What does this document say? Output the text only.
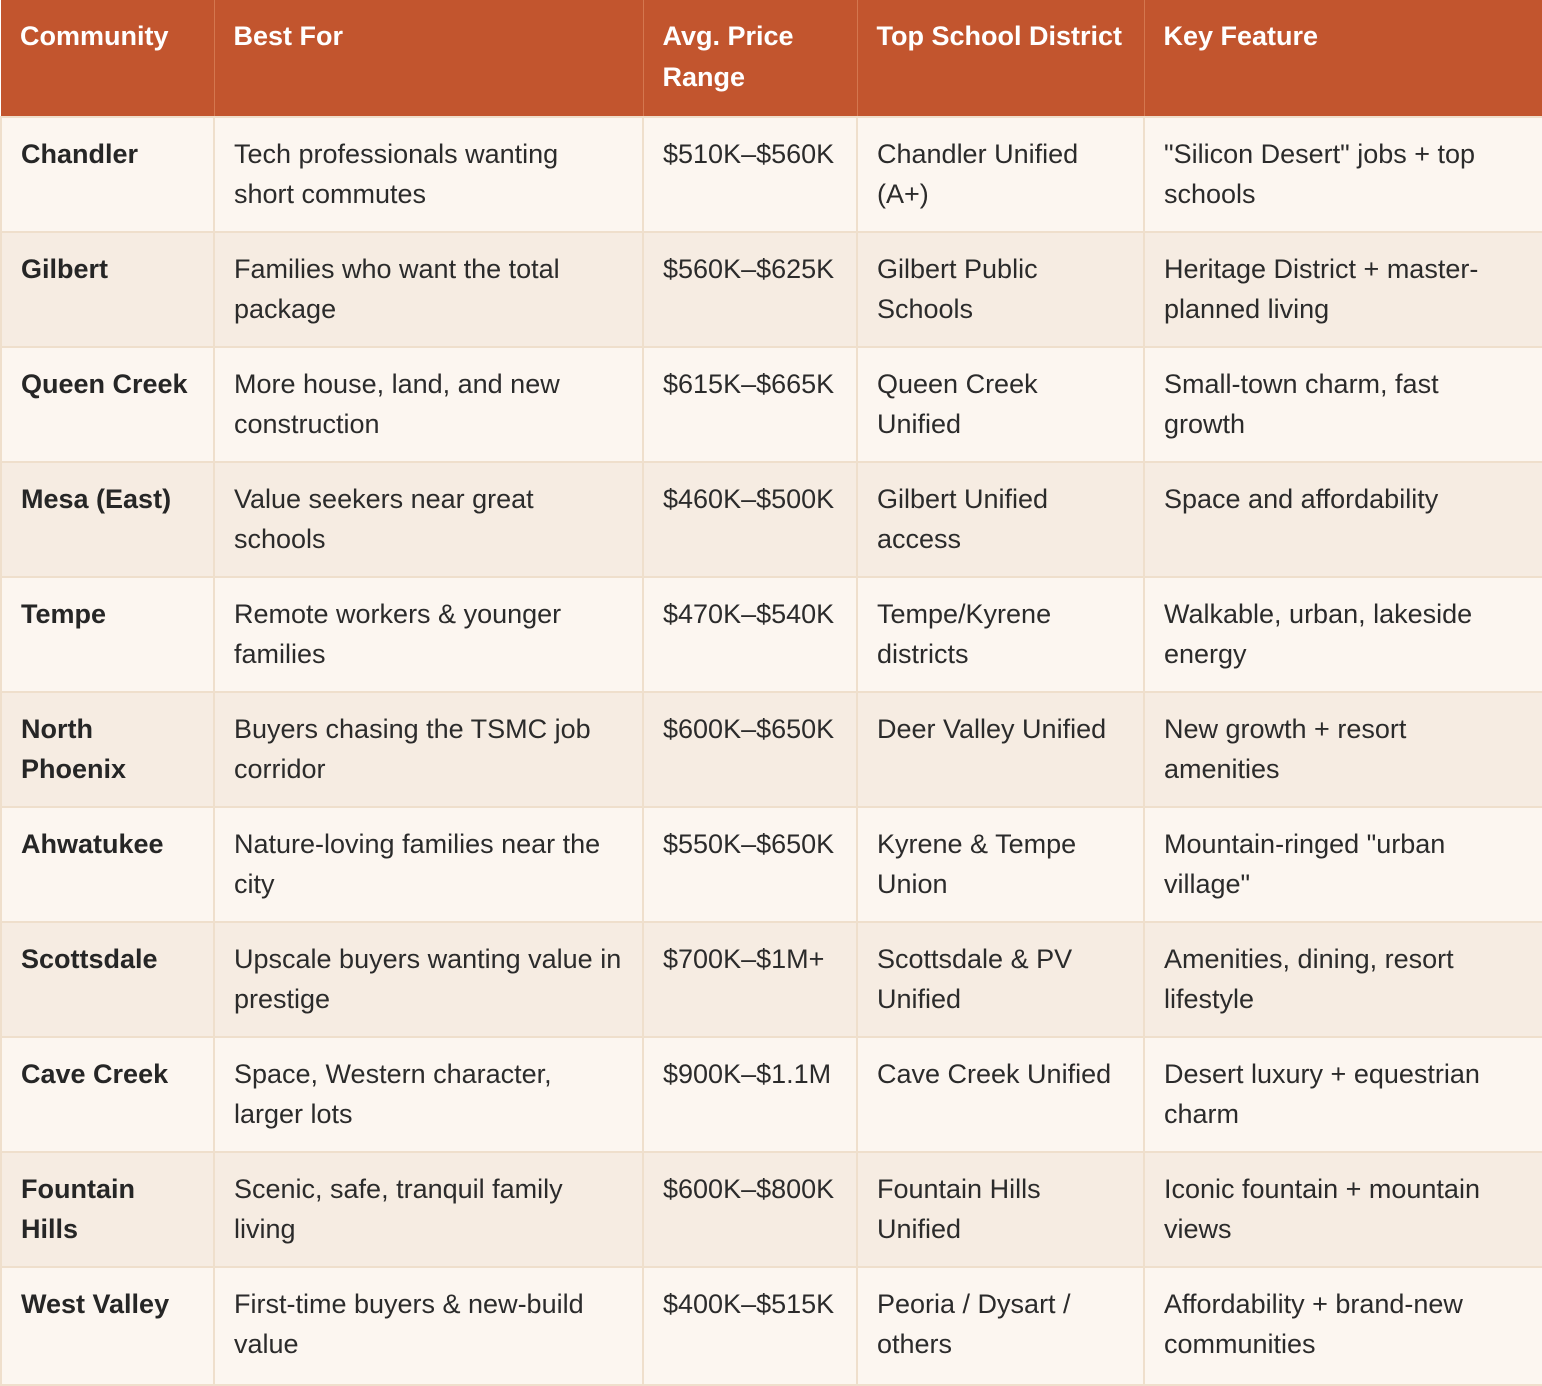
Community	Best For	Avg. Price Range	Top School District	Key Feature
Chandler	Tech professionals wanting short commutes	$510K–$560K	Chandler Unified (A+)	"Silicon Desert" jobs + top schools
Gilbert	Families who want the total package	$560K–$625K	Gilbert Public Schools	Heritage District + master-planned living
Queen Creek	More house, land, and new construction	$615K–$665K	Queen Creek Unified	Small-town charm, fast growth
Mesa (East)	Value seekers near great schools	$460K–$500K	Gilbert Unified access	Space and affordability
Tempe	Remote workers & younger families	$470K–$540K	Tempe/Kyrene districts	Walkable, urban, lakeside energy
North Phoenix	Buyers chasing the TSMC job corridor	$600K–$650K	Deer Valley Unified	New growth + resort amenities
Ahwatukee	Nature-loving families near the city	$550K–$650K	Kyrene & Tempe Union	Mountain-ringed "urban village"
Scottsdale	Upscale buyers wanting value in prestige	$700K–$1M+	Scottsdale & PV Unified	Amenities, dining, resort lifestyle
Cave Creek	Space, Western character, larger lots	$900K–$1.1M	Cave Creek Unified	Desert luxury + equestrian charm
Fountain Hills	Scenic, safe, tranquil family living	$600K–$800K	Fountain Hills Unified	Iconic fountain + mountain views
West Valley	First-time buyers & new-build value	$400K–$515K	Peoria / Dysart / others	Affordability + brand-new communities
